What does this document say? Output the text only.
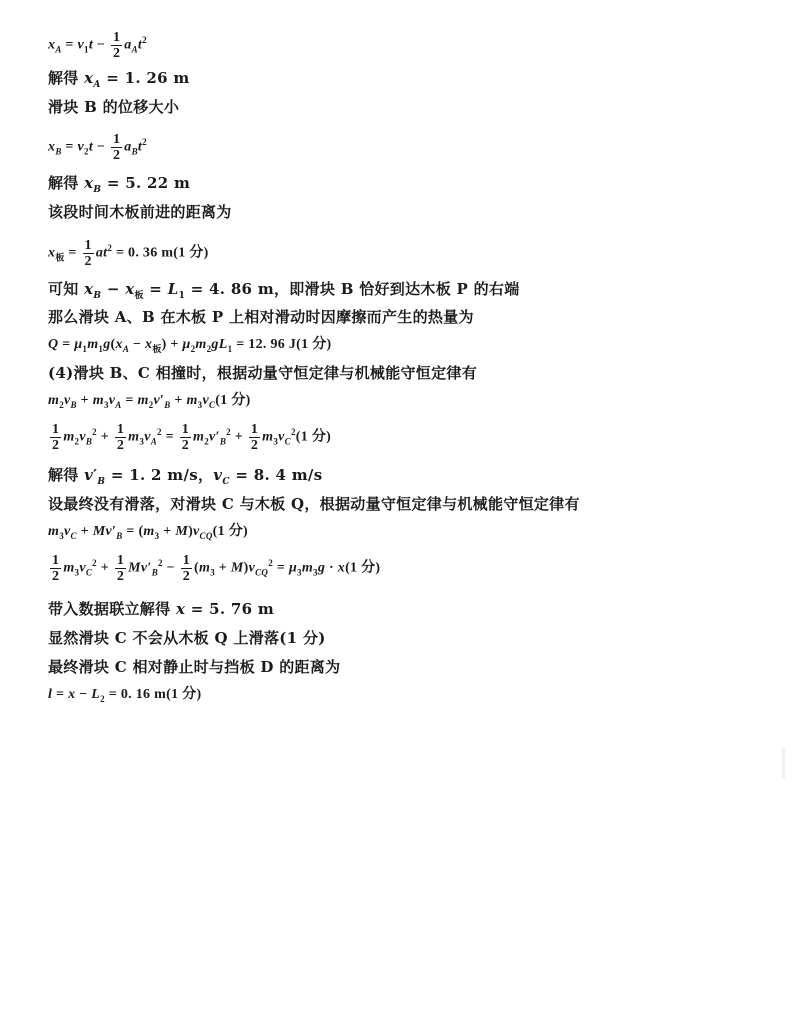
$x_A = v_1t - \frac{1}{2} a_At^2$
解得 $x_A = 1$. 26 m
滑块 B 的位移大小
$x_B = v_2t - \frac{1}{2} a_Bt^2$
解得 $x_B = 5$. 22 m
该段时间木板前进的距离为
$x_板 = \frac{1}{2} at^2 = 0$. 36 m(1 分)
可知 $x_B - x_板 = L_1 = 4$. 86 m，即滑块 B 恰好到达木板 P 的右端
那么滑块 A、B 在木板 P 上相对滑动时因摩擦而产生的热量为
$Q = \mu_1m_1g(x_A - x_板) + \mu_2m_2gL_1 = 12$. 96 J(1 分)
(4)滑块 B、C 相撞时，根据动量守恒定律与机械能守恒定律有
$m_2v_B + m_3v_A = m_2v'_B + m_3v_C(1$ 分)
$\frac{1}{2} m_2v_B^2 + \frac{1}{2} m_3v_A^2 = \frac{1}{2} m_2v'_B^2 + \frac{1}{2} m_3v_C^2(1$ 分)
解得 $v'_B = 1$. 2 m/s，$v_C = 8$. 4 m/s
设最终没有滑落，对滑块 C 与木板 Q，根据动量守恒定律与机械能守恒定律有
$m_3v_C + Mv'_B = (m_3 + M)v_{CQ}(1$ 分)
$\frac{1}{2} m_3v_C^2 + \frac{1}{2} Mv'_B^2 - \frac{1}{2} (m_3 + M)v_{CQ}^2 = \mu_3m_3g \cdot x(1$ 分)
带入数据联立解得 x = 5. 76 m
显然滑块 C 不会从木板 Q 上滑落(1 分)
最终滑块 C 相对静止时与挡板 D 的距离为
$l = x - L_2 = 0$. 16 m(1 分)
